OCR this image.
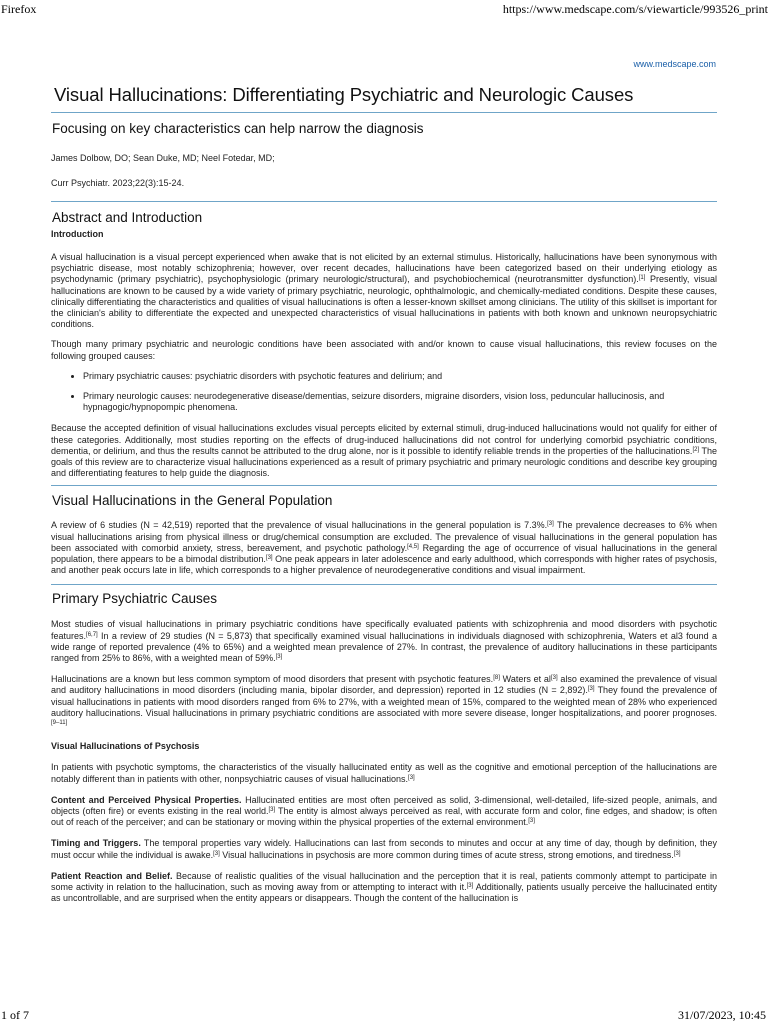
Firefox	https://www.medscape.com/s/viewarticle/993526_print
www.medscape.com
Visual Hallucinations: Differentiating Psychiatric and Neurologic Causes
Focusing on key characteristics can help narrow the diagnosis
James Dolbow, DO; Sean Duke, MD; Neel Fotedar, MD;
Curr Psychiatr. 2023;22(3):15-24.
Abstract and Introduction
Introduction

A visual hallucination is a visual percept experienced when awake that is not elicited by an external stimulus. Historically, hallucinations have been synonymous with psychiatric disease, most notably schizophrenia; however, over recent decades, hallucinations have been categorized based on their underlying etiology as psychodynamic (primary psychiatric), psychophysiologic (primary neurologic/structural), and psychobiochemical (neurotransmitter dysfunction).[1] Presently, visual hallucinations are known to be caused by a wide variety of primary psychiatric, neurologic, ophthalmologic, and chemically-mediated conditions. Despite these causes, clinically differentiating the characteristics and qualities of visual hallucinations is often a lesser-known skillset among clinicians. The utility of this skillset is important for the clinician's ability to differentiate the expected and unexpected characteristics of visual hallucinations in patients with both known and unknown neuropsychiatric conditions.

Though many primary psychiatric and neurologic conditions have been associated with and/or known to cause visual hallucinations, this review focuses on the following grouped causes:

• Primary psychiatric causes: psychiatric disorders with psychotic features and delirium; and
• Primary neurologic causes: neurodegenerative disease/dementias, seizure disorders, migraine disorders, vision loss, peduncular hallucinosis, and hypnagogic/hypnopompic phenomena.

Because the accepted definition of visual hallucinations excludes visual percepts elicited by external stimuli, drug-induced hallucinations would not qualify for either of these categories. Additionally, most studies reporting on the effects of drug-induced hallucinations did not control for underlying comorbid psychiatric conditions, dementia, or delirium, and thus the results cannot be attributed to the drug alone, nor is it possible to identify reliable trends in the properties of the hallucinations.[2] The goals of this review are to characterize visual hallucinations experienced as a result of primary psychiatric and primary neurologic conditions and describe key grouping and differentiating features to help guide the diagnosis.

Visual Hallucinations in the General Population

A review of 6 studies (N = 42,519) reported that the prevalence of visual hallucinations in the general population is 7.3%.[3] The prevalence decreases to 6% when visual hallucinations arising from physical illness or drug/chemical consumption are excluded. The prevalence of visual hallucinations in the general population has been associated with comorbid anxiety, stress, bereavement, and psychotic pathology.[4,5] Regarding the age of occurrence of visual hallucinations in the general population, there appears to be a bimodal distribution.[3] One peak appears in later adolescence and early adulthood, which corresponds with higher rates of psychosis, and another peak occurs late in life, which corresponds to a higher prevalence of neurodegenerative conditions and visual impairment.

Primary Psychiatric Causes

Most studies of visual hallucinations in primary psychiatric conditions have specifically evaluated patients with schizophrenia and mood disorders with psychotic features.[6,7] In a review of 29 studies (N = 5,873) that specifically examined visual hallucinations in individuals diagnosed with schizophrenia, Waters et al3 found a wide range of reported prevalence (4% to 65%) and a weighted mean prevalence of 27%. In contrast, the prevalence of auditory hallucinations in these participants ranged from 25% to 86%, with a weighted mean of 59%.[3]

Hallucinations are a known but less common symptom of mood disorders that present with psychotic features.[8] Waters et al[3] also examined the prevalence of visual and auditory hallucinations in mood disorders (including mania, bipolar disorder, and depression) reported in 12 studies (N = 2,892).[3] They found the prevalence of visual hallucinations in patients with mood disorders ranged from 6% to 27%, with a weighted mean of 15%, compared to the weighted mean of 28% who experienced auditory hallucinations. Visual hallucinations in primary psychiatric conditions are associated with more severe disease, longer hospitalizations, and poorer prognoses.[9–11]

Visual Hallucinations of Psychosis

In patients with psychotic symptoms, the characteristics of the visually hallucinated entity as well as the cognitive and emotional perception of the hallucinations are notably different than in patients with other, nonpsychiatric causes of visual hallucinations.[3]

Content and Perceived Physical Properties. Hallucinated entities are most often perceived as solid, 3-dimensional, well-detailed, life-sized people, animals, and objects (often fire) or events existing in the real world.[3] The entity is almost always perceived as real, with accurate form and color, fine edges, and shadow; is often out of reach of the perceiver; and can be stationary or moving within the physical properties of the external environment.[3]

Timing and Triggers. The temporal properties vary widely. Hallucinations can last from seconds to minutes and occur at any time of day, though by definition, they must occur while the individual is awake.[3] Visual hallucinations in psychosis are more common during times of acute stress, strong emotions, and tiredness.[3]

Patient Reaction and Belief. Because of realistic qualities of the visual hallucination and the perception that it is real, patients commonly attempt to participate in some activity in relation to the hallucination, such as moving away from or attempting to interact with it.[3] Additionally, patients usually perceive the hallucinated entity as uncontrollable, and are surprised when the entity appears or disappears. Though the content of the hallucination is

1 of 7	31/07/2023, 10:45
